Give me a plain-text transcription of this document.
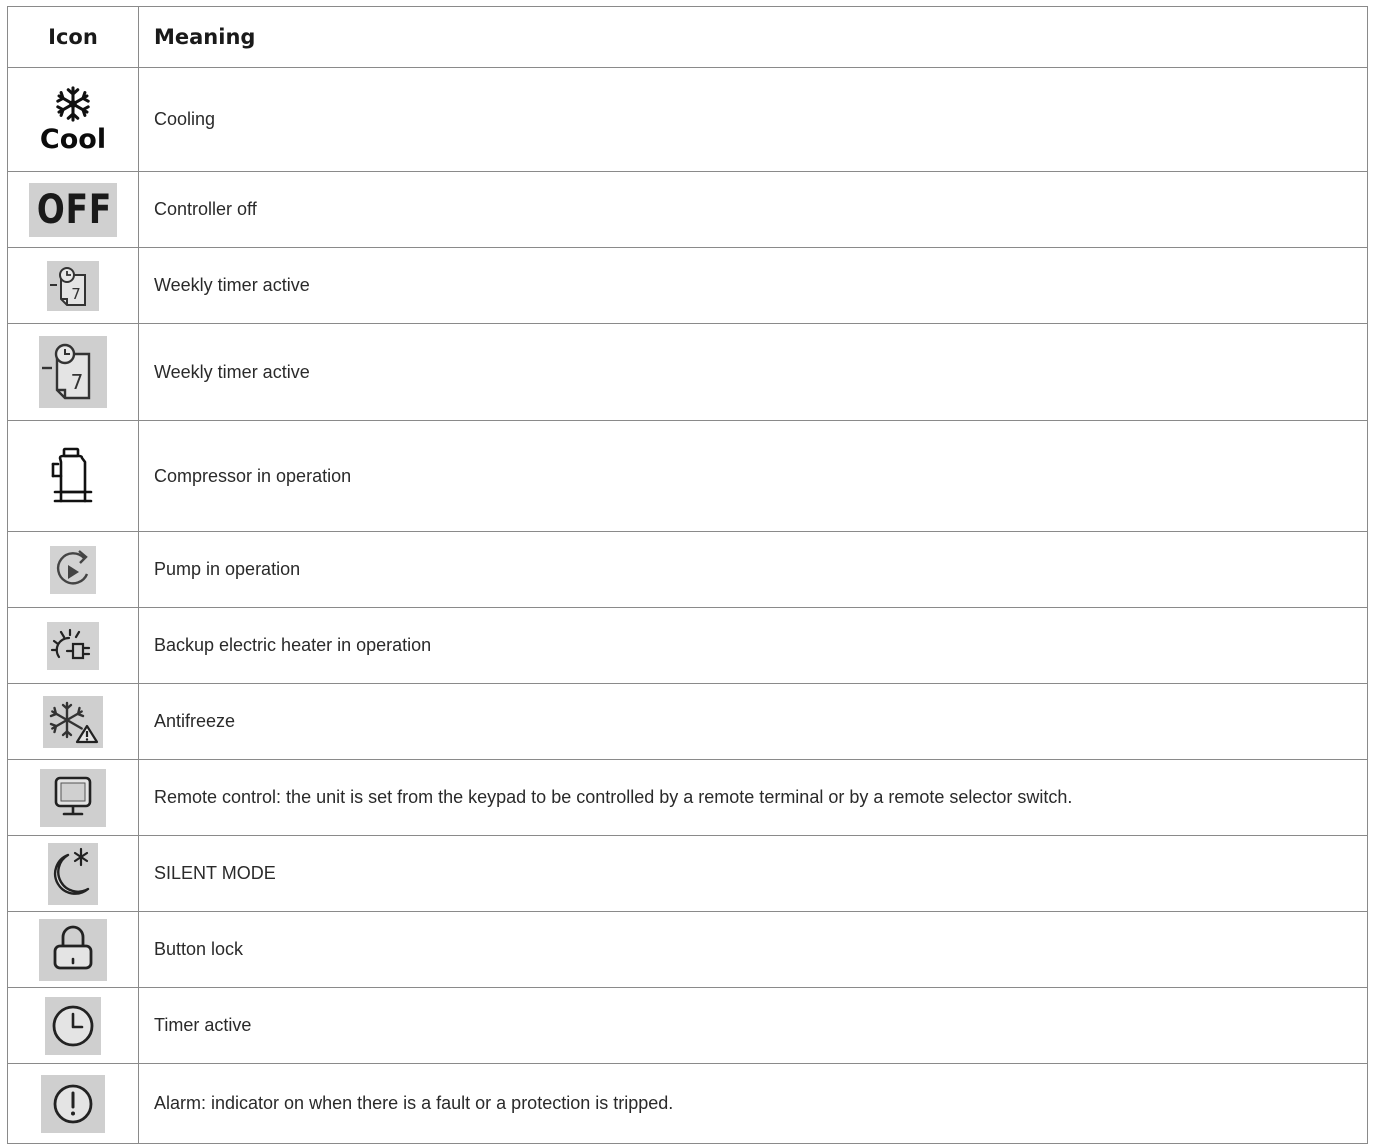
Icon	Meaning

Cool	Cooling

OFF	Controller off

7	Weekly timer active

7	Weekly timer active
	Compressor in operation
	Pump in operation
	Backup electric heater in operation
	Antifreeze
	Remote control: the unit is set from the keypad to be controlled by a remote terminal or by a remote selector switch.
	SILENT MODE
	Button lock
	Timer active
	Alarm: indicator on when there is a fault or a protection is tripped.
